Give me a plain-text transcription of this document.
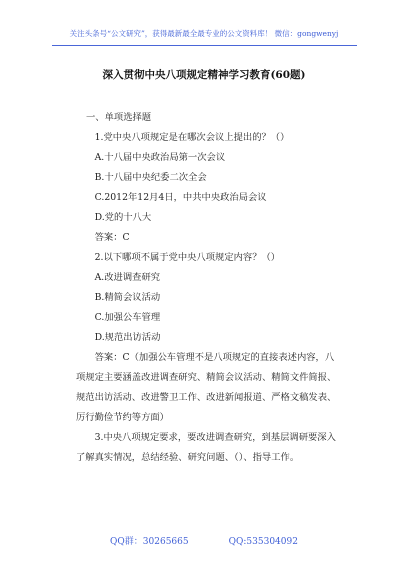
关注头条号“公文研究”，获得最新最全最专业的公文资料库！ 微信：gongwenyj
深入贯彻中央八项规定精神学习教育(60题)
一、单项选择题
1.党中央八项规定是在哪次会议上提出的？（）
A.十八届中央政治局第一次会议
B.十八届中央纪委二次全会
C.2012年12月4日，中共中央政治局会议
D.党的十八大
答案：C
2.以下哪项不属于党中央八项规定内容？（）
A.改进调查研究
B.精简会议活动
C.加强公车管理
D.规范出访活动
答案：C（加强公车管理不是八项规定的直接表述内容，八项规定主要涵盖改进调查研究、精简会议活动、精简文件简报、规范出访活动、改进警卫工作、改进新闻报道、严格文稿发表、厉行勤俭节约等方面）
3.中央八项规定要求，要改进调查研究，到基层调研要深入了解真实情况，总结经验、研究问题、（）、指导工作。
QQ群：30265665	QQ:535304092
